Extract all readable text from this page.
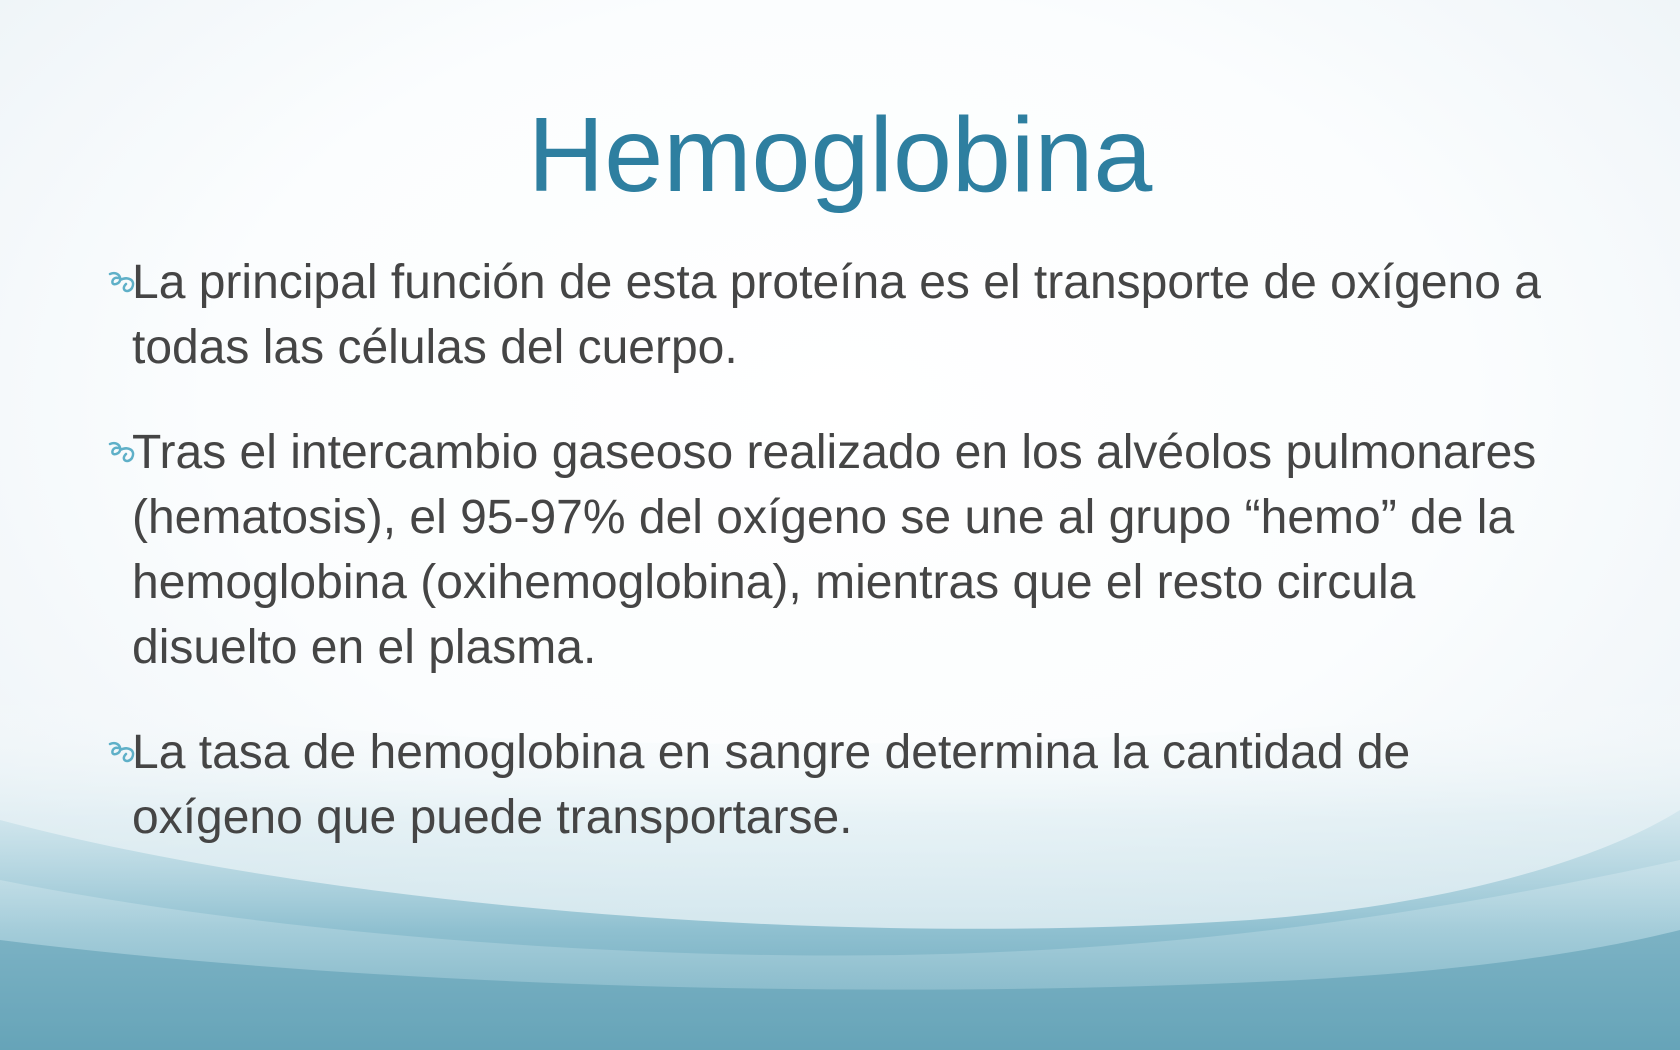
Hemoglobina
La principal función de esta proteína es el transporte de oxígeno a todas las células del cuerpo.
Tras el intercambio gaseoso realizado en los alvéolos pulmonares (hematosis), el 95-97% del oxígeno se une al grupo “hemo” de la hemoglobina (oxihemoglobina), mientras que el resto circula disuelto en el plasma.
La tasa de hemoglobina en sangre determina la cantidad de oxígeno que puede transportarse.
